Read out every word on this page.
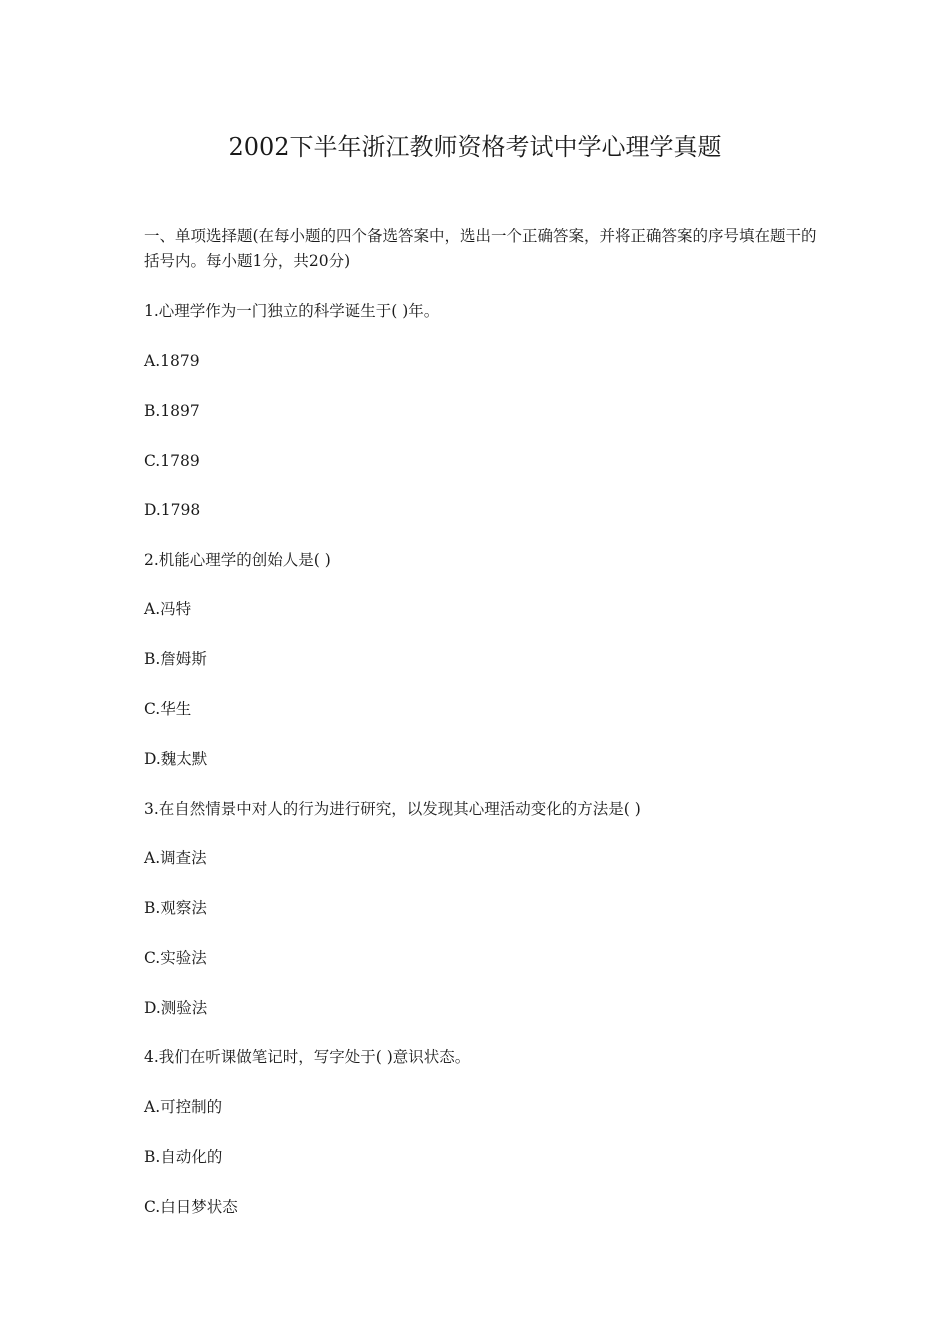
2002下半年浙江教师资格考试中学心理学真题
一、单项选择题(在每小题的四个备选答案中，选出一个正确答案，并将正确答案的序号填在题干的括号内。每小题1分，共20分)
1.心理学作为一门独立的科学诞生于( )年。
A.1879
B.1897
C.1789
D.1798
2.机能心理学的创始人是( )
A.冯特
B.詹姆斯
C.华生
D.魏太默
3.在自然情景中对人的行为进行研究，以发现其心理活动变化的方法是( )
A.调查法
B.观察法
C.实验法
D.测验法
4.我们在听课做笔记时，写字处于( )意识状态。
A.可控制的
B.自动化的
C.白日梦状态
